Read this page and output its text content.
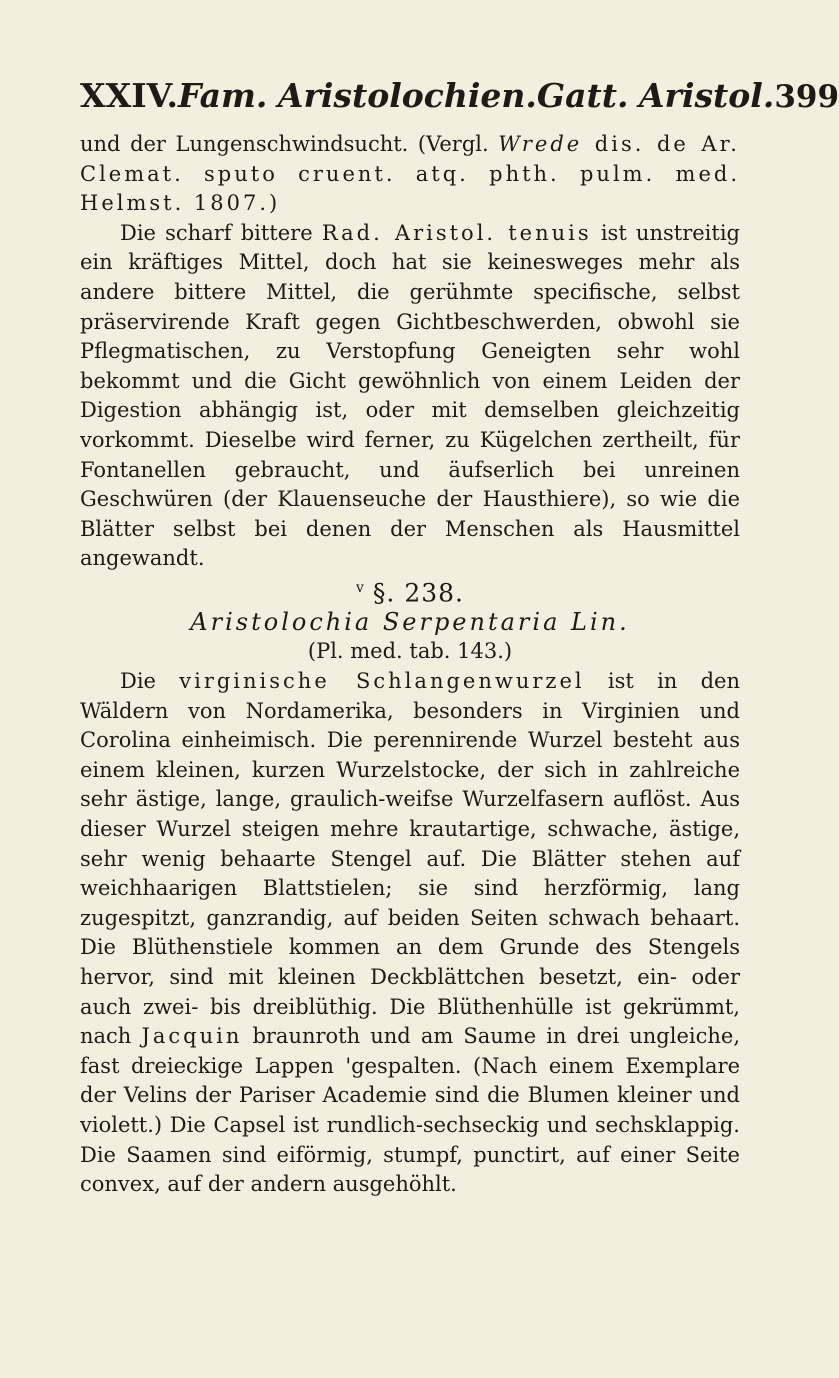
XXIV. Fam. Aristolochien. Gatt. Aristol. 399

und der Lungenschwindsucht. (Vergl. Wrede dis. de Ar. Clemat. sputo cruent. atq. phth. pulm. med. Helmst. 1807.)

Die scharf bittere Rad. Aristol. tenuis ist unstreitig ein kräftiges Mittel, doch hat sie keinesweges mehr als andere bittere Mittel, die gerühmte specifische, selbst präservirende Kraft gegen Gichtbeschwerden, obwohl sie Pflegmatischen, zu Verstopfung Geneigten sehr wohl bekommt und die Gicht gewöhnlich von einem Leiden der Digestion abhängig ist, oder mit demselben gleichzeitig vorkommt. Dieselbe wird ferner, zu Kügelchen zertheilt, für Fontanellen gebraucht, und äufserlich bei unreinen Geschwüren (der Klauenseuche der Hausthiere), so wie die Blätter selbst bei denen der Menschen als Hausmittel angewandt.

$^v$ §. 238.

Aristolochia Serpentaria Lin.

(Pl. med. tab. 143.)

Die virginische Schlangenwurzel ist in den Wäldern von Nordamerika, besonders in Virginien und Corolina einheimisch. Die perennirende Wurzel besteht aus einem kleinen, kurzen Wurzelstocke, der sich in zahlreiche sehr ästige, lange, graulich-weifse Wurzelfasern auflöst. Aus dieser Wurzel steigen mehre krautartige, schwache, ästige, sehr wenig behaarte Stengel auf. Die Blätter stehen auf weichhaarigen Blattstielen; sie sind herzförmig, lang zugespitzt, ganzrandig, auf beiden Seiten schwach behaart. Die Blüthenstiele kommen an dem Grunde des Stengels hervor, sind mit kleinen Deckblättchen besetzt, ein- oder auch zwei- bis dreiblüthig. Die Blüthenhülle ist gekrümmt, nach Jacquin braunroth und am Saume in drei ungleiche, fast dreieckige Lappen 'gespalten. (Nach einem Exemplare der Velins der Pariser Academie sind die Blumen kleiner und violett.) Die Capsel ist rundlich-sechseckig und sechsklappig. Die Saamen sind eiförmig, stumpf, punctirt, auf einer Seite convex, auf der andern ausgehöhlt.
